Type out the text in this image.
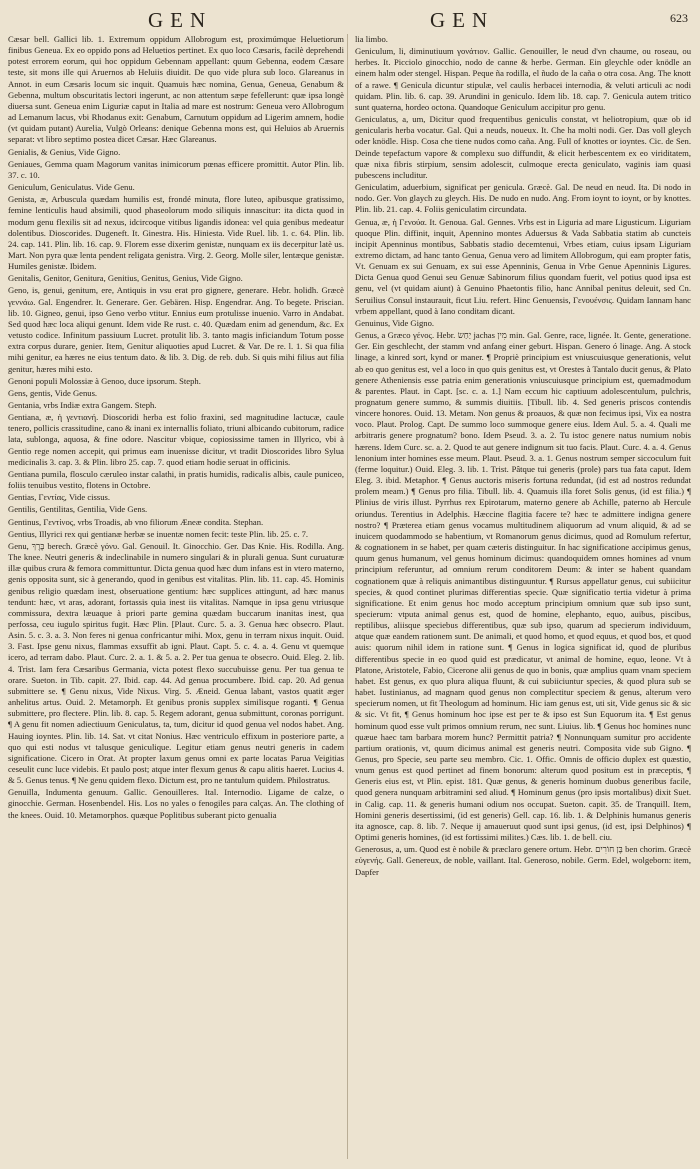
GEN	GEN	623

Cæsar bell. Gallici lib. 1. Extremum oppidum Allobrogum est, proximúmque Heluetiorum finibus Geneua. Ex eo oppido pons ad Heluetios pertinet. Ex quo loco Cæsaris, facilè deprehendi potest errorem eorum, qui hoc oppidum Gebennam appellant: quum Gebenna, eodem Cæsare teste, sit mons ille qui Aruernos ab Heluiis diuidit. De quo vide plura sub loco. Glareanus in Annot. in eum Cæsaris locum sic inquit. Quamuis hæc nomina, Genua, Geneua, Genabum & Gebenna, multum obscuritatis lectori ingerunt, ac non attentum sæpe fefellerunt: quæ ipsa longè diuersa sunt. Geneua enim Liguriæ caput in Italia ad mare est nostrum: Geneua vero Allobrogum ad Lemanum lacus, vbi Rhodanus exit: Genabum, Carnutum oppidum ad Ligerim amnem, hodie (vt quidam putant) Aurelia, Vulgò Orleans: denique Gebenna mons est, qui Heluios ab Aruernis separat: vt libro septimo postea dicet Cæsar. Hæc Glareanus.

Genialis, & Genius, Vide Gigno.

Geniaues, Gemma quam Magorum vanitas inimicorum pœnas efficere promittit. Autor Plin. lib. 37. c. 10.

Geniculum, Geniculatus. Vide Genu.

Genista, æ, Arbuscula quædam humilis est, frondé minuta, flore luteo, apibusque gratissimo, femine lenticulis haud absimili, quod phaseolorum modo siliquis innascitur: ita dicta quod in modum genu flexilis sit ad nexus, idcircoque vitibus ligandis idonea: vel quia genibus medeatur dolentibus. Dioscorides. Dugeneft. It. Ginestra. His. Hiniesta. Vide Ruel. lib. 1. c. 64. Plin. lib. 24. cap. 141. Plin. lib. 16. cap. 9. Florem esse dixerim genistæ, nunquam ex iis decerpitur latè us. Mart. Non pyra quæ lenta pendent religata genistra. Virg. 2. Georg. Molle siler, lentæque genistæ. Humiles genistæ. Ibidem.

Genitalis, Genitor, Genitura, Genitius, Genitus, Genius, Vide Gigno.

Geno, is, genui, genitum, ere, Antiquis in vsu erat pro gignere, generare. Hebr. holidh. Græcè γεννάω. Gal. Engendrer. It. Generare. Ger. Gebären. Hisp. Engendrar. Ang. To begete. Priscian. lib. 10. Gigneo, genui, ipso Geno verbo vtitur. Ennius eum protulisse inuenio. Varro in Andabat. Sed quod hæc loca aliqui genunt. Idem vide Re rust. c. 40. Quædam enim ad genendum, &c. Ex vetusto codice. Infinitum passiuum Lucret. protulit lib. 3. tanto magis inficiandum Totum posse extra corpus durare, genier. Item, Genitur aliquoties apud Lucret. & Var. De re. l. 1. Si qua filia mihi genitur, ea hæres ne eius tentum dato. & lib. 3. Dig. de reb. dub. Si quis mihi filius aut filia genitur, hæres mihi esto.

Genoni populi Molossiæ à Genoo, duce ipsorum. Steph.

Gens, gentis, Vide Genus.

Gentania, vrbs Indiæ extra Gangem. Steph.

Gentiana, æ, ἡ γεντιανή. Dioscoridi herba est folio fraxini, sed magnitudine lactucæ, caule tenero, pollicis crassitudine, cano & inani ex internallis foliato, triuni albicando cubitorum, radice lata, sublonga, aquosa, & fine odore. Nascitur vbique, copiosissime tamen in Illyrico, vbi à Gentio rege nomen accepit, qui primus eam inuenisse dicitur, vt tradit Dioscorides libro Sylua medicinalis 3. cap. 3. & Plin. libro 25. cap. 7. quod etiam hodie seruat in officinis.

Gentiana pumila, flosculo cæruleo instar calathi, in pratis humidis, radicalis albis, caule puniceo, foliis tenuibus vestito, flotens in Octobre.

Gentias, Γεντίας, Vide cissus.

Gentilis, Gentilitas, Gentilia, Vide Gens.

Gentinus, Γεντίνος, vrbs Troadis, ab vno filiorum Æneæ condita. Stephan.

Gentius, Illyrici rex qui gentianæ herbæ se inuentæ nomen fecit: teste Plin. lib. 25. c. 7.

Genu, בֶּרֶךְ berech. Græcè γόνυ. Gal. Genouil. It. Ginocchio. Ger. Das Knie. His. Rodilla. Ang. The knee. Neutri generis & indeclinabile in numero singulari & in plurali genua. Sunt curuaturæ illæ quibus crura & femora committuntur. Dicta genua quod hæc dum infans est in vtero materno, genis opposita sunt, sic à generando, quod in genibus est vitalitas. Plin. lib. 11. cap. 45. Hominis genibus religio quædam inest, obseruatione gentium: hæc supplices attingunt, ad hæc manus tendunt: hæc, vt aras, adorant, fortassis quia inest iis vitalitas. Namque in ipsa genu vtriusque commissura, dextra læuaque à priori parte gemina quædam buccarum inanitas inest, qua perfossa, ceu iugulo spiritus fugit. Hæc Plin. [Plaut. Curc. 5. a. 3. Genua hæc obsecro. Plaut. Asin. 5. c. 3. a. 3. Non feres ni genua confricantur mihi. Mox, genu in terram nixus inquit. Ouid. 3. Fast. Ipse genu nixus, flammas exsuffit ab igni. Plaut. Capt. 5. c. 4. a. 4. Genu vt quemque icero, ad terram dabo. Plaut. Curc. 2. a. 1. & 5. a. 2. Per tua genua te obsecro. Ouid. Eleg. 2. lib. 4. Trist. Iam fera Cæsaribus Germania, victa potest flexo succubuisse genu. Per tua genua te orare. Sueton. in Tib. capit. 27. Ibid. cap. 44. Ad genua procumbere. Ibid. cap. 20. Ad genua submittere se. ¶ Genu nixus, Vide Nixus. Virg. 5. Æneid. Genua labant, vastos quatit æger anhelitus artus. Ouid. 2. Metamorph. Et genibus pronis supplex similisque roganti. ¶ Genua submittere, pro flectere. Plin. lib. 8. cap. 5. Regem adorant, genua submittunt, coronas porrigunt. ¶ A genu fit nomen adiectiuum Geniculatus, ta, tum, dicitur id quod genua vel nodos habet. Ang. Hauing ioyntes. Plin. lib. 14. Sat. vt citat Nonius. Hæc ventriculo effixum in posteriore parte, a quo qui esti nodus vt talusque geniculique. Legitur etiam genus neutri generis in cadem significatione. Cicero in Orat. At propter laxum genus omni ex parte locatas Parua Veigitias ceseulit cunc luce videbis. Et paulo post; atque inter flexum genus & capu alitis haeret. Lucius 4. & 5. Genus tenus. ¶ Ne genu quidem flexo. Dictum est, pro ne tantulum quidem. Philostratus.

Genuilla, Indumenta genuum. Gallic. Genouilleres. Ital. Internodio. Ligame de calze, o ginocchie. German. Hosenbendel. His. Los no yales o fenogiles para calças. An. The clothing of the knees. Ouid. 10. Metamorphos. quæque Poplitibus suberant picto genualia

lia limbo.

Geniculum, li, diminutiuum γονάτιον. Gallic. Genouiller, le neud d'vn chaume, ou roseau, ou herbes. It. Picciolo ginocchio, nodo de canne & herbe. German. Ein gleychle oder knödle an einem halm oder stengel. Hispan. Peque ña rodilla, el ñudo de la caña o otra cosa. Ang. The knott of a rawe. ¶ Genicula dicuntur stipulæ, vel caulis herbacei internodia, & veluti articuli ac nodi quidam. Plin. lib. 6. cap. 39. Arundini in geniculo. Idem lib. 18. cap. 7. Genicula autem tritico sunt quaterna, hordeo octona. Quandoque Geniculum accipitur pro genu.

Geniculatus, a, um, Dicitur quod frequentibus geniculis constat, vt heliotropium, quæ ob id genicularis herba vocatur. Gal. Qui a neuds, noueux. It. Che ha molti nodi. Ger. Das voll gleych oder knödle. Hisp. Cosa che tiene nudos como caña. Ang. Full of knottes or ioyntes. Cic. de Sen. Deinde tepefactum vapore & complexu suo diffundit, & elicit herbescentem ex eo viriditatem, quæ nixa fibris stirpium, sensim adolescit, culmoque erecta geniculato, vaginis iam quasi pubescens includitur.

Geniculatim, aduerbium, significat per genicula. Græcè. Gal. De neud en neud. Ita. Di nodo in nodo. Ger. Von glaych zu gleych. His. De nudo en nudo. Ang. From ioynt to ioynt, or by knottes. Plin. lib. 21. cap. 4. Foliis geniculatim circundata.

Genua, æ, ἡ Γενούα. It. Genoua. Gal. Gennes. Vrbs est in Liguria ad mare Ligusticum. Liguriam quoque Plin. diffinit, inquit, Apennino montes Aduersus & Vada Sabbatia statim ab cuncteis incipit Apenninus montibus, Sabbatis stadio decemtenui, Vrbes etiam, cuius ipsam Liguriam extremo dictam, ad hanc tanto Genua, Genua vero ad limitem Allobrogum, qui eam propter fatis, Vt. Genuam ex sui Genuam, ex sui esse Apenninis, Genua in Vrbe Genue Apenninis Ligures. Dicta Genua quod Genui seu Genuæ Sabinorum filius quondam fuerit, vel potius quod ipsa est genu, vel (vt quidam aiunt) à Genuino Phaetontis filio, hanc Annibal penitus deleuit, sed Cn. Seruilius Consul instaurauit, ficut Liu. refert. Hinc Genuensis, Γενουένσις. Quidam Iannam hanc vrbem appellant, quod à Iano conditam dicant.

Genuinus, Vide Gigno.

Genus, a Græco γένος. Hebr. יַחַשׂ jachas מִין min. Gal. Genre, race, lignée. It. Gente, generatione. Ger. Ein geschlecht, der stamm vnd anfang einer geburt. Hispan. Genero ó linage. Ang. A stock linage, a kinred sort, kynd or maner. ¶ Propriè principium est vniuscuiusque generationis, velut ab eo quo genitus est, vel a loco in quo quis genitus est, vt Orestes à Tantalo ducit genus, & Plato genere Atheniensis esse patria enim generationis vniuscuiusque principium est, quemadmodum & parentes. Plaut. in Capt. [sc. c. a. 1.] Nam eccum hic captiuum adolescentulum, pulchris, prognatum genere summo, & summis diuitiis. [Tibull. lib. 4. Sed generis priscos contendis vincere honores. Ouid. 13. Metam. Non genus & proauos, & quæ non fecimus ipsi, Vix ea nostra voco. Plaut. Prolog. Capt. De summo loco summoque genere eius. Idem Aul. 5. a. 4. Quali me arbitraris genere prognatum? bono. Idem Pseud. 3. a. 2. Tu istoc genere natus numium nobis hærens. Idem Curc. sc. a. 2. Quod te aut genere indignum sit tuo facis. Plaut. Curc. 4. a. 4. Genus lenonium inter homines esse meum. Plaut. Pseud. 3. a. 1. Genus nostrum semper siccoculum fuit (ferme loquitur.) Ouid. Eleg. 3. lib. 1. Trist. Pâtque tui generis (prole) pars tua fata caput. Idem Eleg. 3. ibid. Metaphor. ¶ Genus auctoris miseris fortuna redundat, (id est ad nostros redundat prolem meam.) ¶ Genus pro filia. Tibull. lib. 4. Quamuis illa foret Solis genus, (id est filia.) ¶ Plinius de viris illust. Pyrrhus rex Epirotarum, materno genere ab Achille, paterno ab Hercule oriundus. Terentius in Adelphis. Hæccine flagitia facere te? hæc te admittere indigna genere nostro? ¶ Præterea etiam genus vocamus multitudinem aliquorum ad vnum aliquid, & ad se inuicem quodammodo se habentium, vt Romanorum genus dicimus, quod ad Romulum refertur, & cognationem in se habet, per quam cæteris distinguitur. In hac significatione accipimus genus, quum genus humanum, vel genus hominum dicimus: quandoquidem omnes homines ad vnum principium referuntur, ad omnium rerum conditorem Deum: & inter se habent quandam cognationem quæ à reliquis animantibus distinguuntur. ¶ Rursus appellatur genus, cui subiicitur species, & quod continet plurimas differentias specie. Quæ significatio tertia videtur à prima significatione. Et enim genus hoc modo acceptum principium omnium quæ sub ipso sunt, specierum: vtputa animal genus est, quod de homine, elephanto, equo, auibus, piscibus, reptilibus, aliisque speciebus differentibus, quæ sub ipso, quarum ad specierum individuum, atque quæ eandem rationem sunt. De animali, et quod homo, et quod equus, et quod bos, et quod auis: quorum nihil idem in ratione sunt. ¶ Genus in logica significat id, quod de pluribus differentibus specie in eo quod quid est prædicatur, vt animal de homine, equo, leone. Vt à Platone, Aristotele, Fabio, Cicerone alii genus de quo in bonis, quæ amplius quam vnam speciem habet. Est genus, ex quo plura aliqua fluunt, & cui subiiciuntur species, & quod plura sub se habet. Iustinianus, ad magnam quod genus non complectitur speciem & genus, alterum vero specierum nomen, ut fit Theologum ad hominum. Hic iam genus est, uti sit, Vide genus sic & sic & sic. Vt fit, ¶ Genus hominum hoc ipse est per te & ipso est Sun Equorum ita. ¶ Est genus hominum quod esse vult primos omnium rerum, nec sunt. Liuius. lib. ¶ Genus hoc homines nunc quæue haec tam barbara morem hunc? Permittit patria? ¶ Nonnunquam sumitur pro accidente partium orationis, vt, quum dicimus animal est generis neutri. Composita vide sub Gigno. ¶ Genus, pro Specie, seu parte seu membro. Cic. 1. Offic. Omnis de officio duplex est quæstio, vnum genus est quod pertinet ad finem bonorum: alterum quod positum est in præceptis, ¶ Generis eius est, vt Plin. epist. 181. Quæ genus, & generis hominum duobus generibus facile, quod genera nunquam arbitramini sed aliud. ¶ Hominum genus (pro ipsis mortalibus) dixit Suet. in Calig. cap. 11. & generis humani odium nos occupat. Sueton. capit. 35. de Tranquill. Item, Homini generis desertissimi, (id est generis) Gell. cap. 16. lib. 1. & Delphinis humanus generis ita agnosce, cap. 8. lib. 7. Neque ij amaueruut quod sunt ipsi genus, (id est, ipsi Delphinos) ¶ Optimi generis homines, (id est fortissimi milites.) Cæs. lib. 1. de bell. ciu.

Generosus, a, um. Quod est è nobile & præclaro genere ortum. Hebr. בֶּן חוֹרִים ben chorim. Græcè εὐγενής. Gall. Genereux, de noble, vaillant. Ital. Generoso, nobile. Germ. Edel, wolgeborn: item, Dapfer
